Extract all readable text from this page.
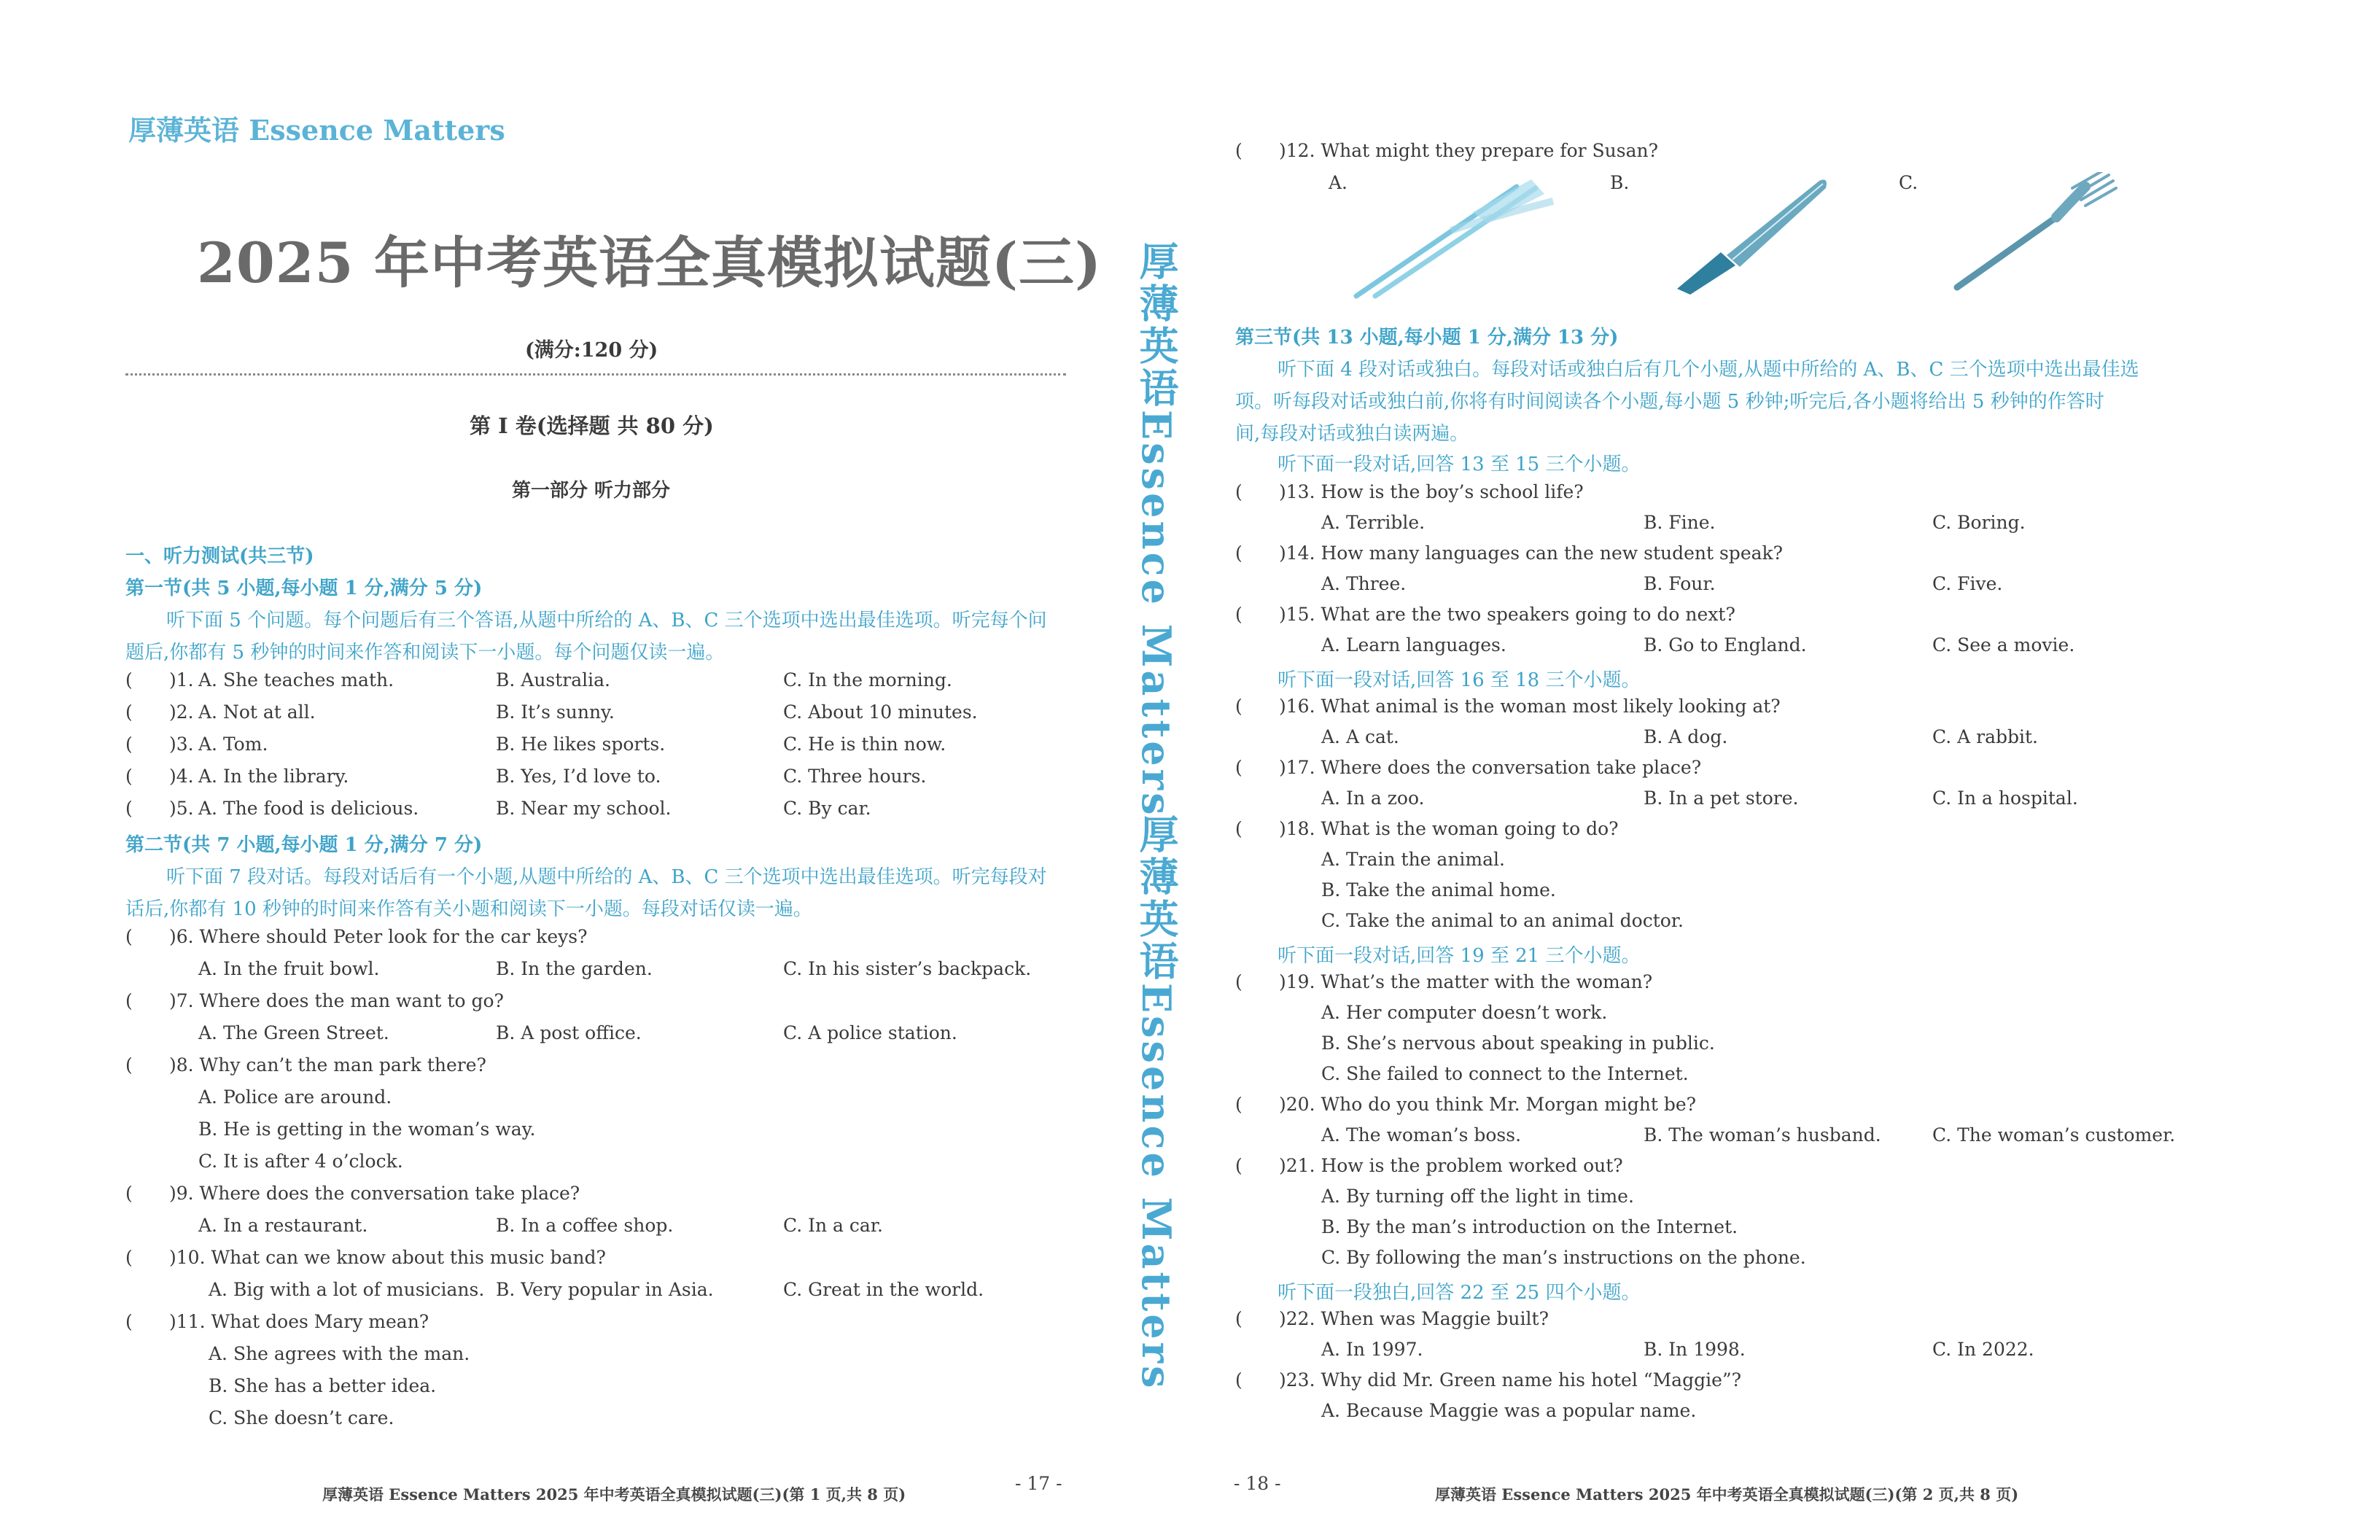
厚薄英语 Essence Matters
2025 年中考英语全真模拟试题(三)
(满分:120 分)
第 I 卷(选择题 共 80 分)
第一部分 听力部分
一、听力测试(共三节)
第一节(共 5 小题,每小题 1 分,满分 5 分)
听下面 5 个问题。每个问题后有三个答语,从题中所给的 A、B、C 三个选项中选出最佳选项。听完每个问
题后,你都有 5 秒钟的时间来作答和阅读下一小题。每个问题仅读一遍。
( )1. A. She teaches math.	B. Australia.	C. In the morning.
( )2. A. Not at all.	B. It’s sunny.	C. About 10 minutes.
( )3. A. Tom.	B. He likes sports.	C. He is thin now.
( )4. A. In the library.	B. Yes, I’d love to.	C. Three hours.
( )5. A. The food is delicious.	B. Near my school.	C. By car.
第二节(共 7 小题,每小题 1 分,满分 7 分)
听下面 7 段对话。每段对话后有一个小题,从题中所给的 A、B、C 三个选项中选出最佳选项。听完每段对
话后,你都有 10 秒钟的时间来作答有关小题和阅读下一小题。每段对话仅读一遍。
( )6. Where should Peter look for the car keys?
A. In the fruit bowl.	B. In the garden.	C. In his sister’s backpack.
( )7. Where does the man want to go?
A. The Green Street.	B. A post office.	C. A police station.
( )8. Why can’t the man park there?
A. Police are around.
B. He is getting in the woman’s way.
C. It is after 4 o’clock.
( )9. Where does the conversation take place?
A. In a restaurant.	B. In a coffee shop.	C. In a car.
( )10. What can we know about this music band?
A. Big with a lot of musicians. B. Very popular in Asia.	C. Great in the world.
( )11. What does Mary mean?
A. She agrees with the man.
B. She has a better idea.
C. She doesn’t care.
厚薄英语 Essence Matters 2025 年中考英语全真模拟试题(三)(第 1 页,共 8 页)
- 17 -
厚薄英语Essence Matters
厚薄英语Essence Matters
( )12. What might they prepare for Susan?
A.	B.	C.
第三节(共 13 小题,每小题 1 分,满分 13 分)
听下面 4 段对话或独白。每段对话或独白后有几个小题,从题中所给的 A、B、C 三个选项中选出最佳选
项。听每段对话或独白前,你将有时间阅读各个小题,每小题 5 秒钟;听完后,各小题将给出 5 秒钟的作答时
间,每段对话或独白读两遍。
听下面一段对话,回答 13 至 15 三个小题。
( )13. How is the boy’s school life?
A. Terrible.	B. Fine.	C. Boring.
( )14. How many languages can the new student speak?
A. Three.	B. Four.	C. Five.
( )15. What are the two speakers going to do next?
A. Learn languages.	B. Go to England.	C. See a movie.
听下面一段对话,回答 16 至 18 三个小题。
( )16. What animal is the woman most likely looking at?
A. A cat.	B. A dog.	C. A rabbit.
( )17. Where does the conversation take place?
A. In a zoo.	B. In a pet store.	C. In a hospital.
( )18. What is the woman going to do?
A. Train the animal.
B. Take the animal home.
C. Take the animal to an animal doctor.
听下面一段对话,回答 19 至 21 三个小题。
( )19. What’s the matter with the woman?
A. Her computer doesn’t work.
B. She’s nervous about speaking in public.
C. She failed to connect to the Internet.
( )20. Who do you think Mr. Morgan might be?
A. The woman’s boss.	B. The woman’s husband.	C. The woman’s customer.
( )21. How is the problem worked out?
A. By turning off the light in time.
B. By the man’s introduction on the Internet.
C. By following the man’s instructions on the phone.
听下面一段独白,回答 22 至 25 四个小题。
( )22. When was Maggie built?
A. In 1997.	B. In 1998.	C. In 2022.
( )23. Why did Mr. Green name his hotel “Maggie”?
A. Because Maggie was a popular name.
- 18 -
厚薄英语 Essence Matters 2025 年中考英语全真模拟试题(三)(第 2 页,共 8 页)
